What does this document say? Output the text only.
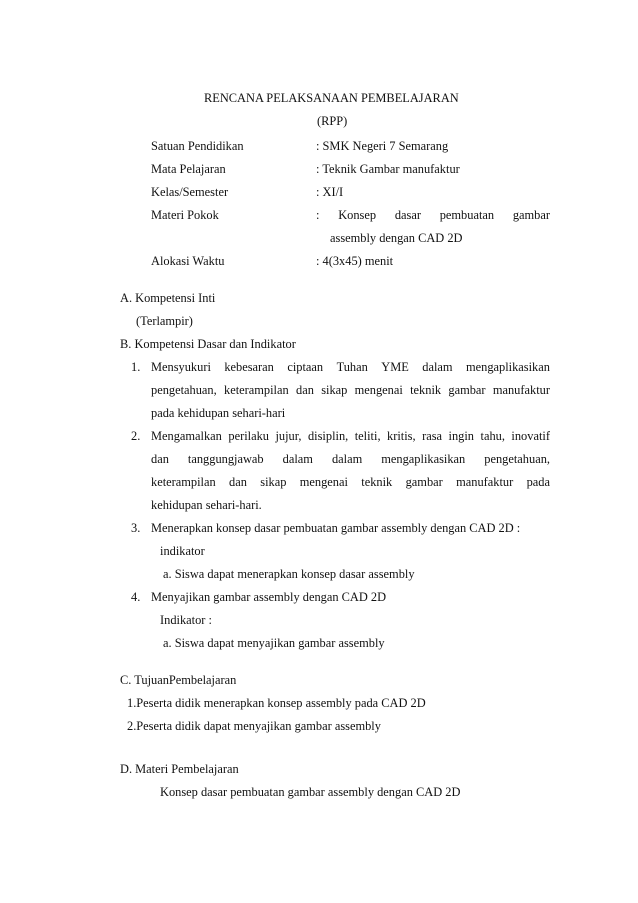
RENCANA PELAKSANAAN PEMBELAJARAN
(RPP)
Satuan Pendidikan	: SMK Negeri 7 Semarang
Mata Pelajaran	: Teknik Gambar manufaktur
Kelas/Semester	: XI/I
Materi Pokok	: Konsep dasar pembuatan gambar
assembly dengan CAD 2D
Alokasi Waktu	: 4(3x45) menit
A. Kompetensi Inti
(Terlampir)
B. Kompetensi Dasar dan Indikator
1. Mensyukuri kebesaran ciptaan Tuhan YME dalam mengaplikasikan
pengetahuan, keterampilan dan sikap mengenai teknik gambar manufaktur
pada kehidupan sehari-hari
2. Mengamalkan perilaku jujur, disiplin, teliti, kritis, rasa ingin tahu, inovatif
dan tanggungjawab dalam dalam mengaplikasikan pengetahuan,
keterampilan dan sikap mengenai teknik gambar manufaktur pada
kehidupan sehari-hari.
3. Menerapkan konsep dasar pembuatan gambar assembly dengan CAD 2D :
indikator
a. Siswa dapat menerapkan konsep dasar assembly
4. Menyajikan gambar assembly dengan CAD 2D
Indikator :
a. Siswa dapat menyajikan gambar assembly
C. TujuanPembelajaran
1.Peserta didik menerapkan konsep assembly pada CAD 2D
2.Peserta didik dapat menyajikan gambar assembly
D. Materi Pembelajaran
Konsep dasar pembuatan gambar assembly dengan CAD 2D
